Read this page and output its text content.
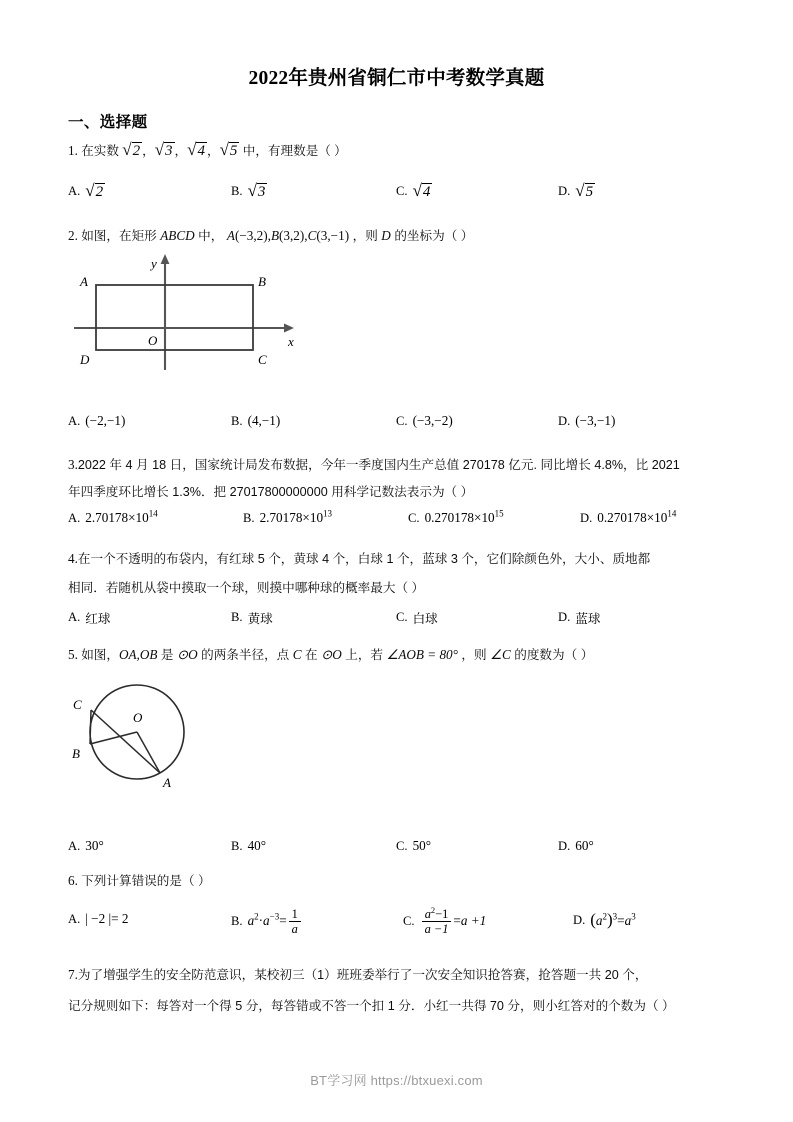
2022年贵州省铜仁市中考数学真题
一、选择题
1. 在实数 √ 2 ， √ 3 ， √ 4 ， √ 5 中，有理数是（ ）
A. √ 2	B. √ 3	C. √ 4	D. √ 5
2. 如图，在矩形 ABCD 中， A(−3,2),B(3,2),C(3,−1) ，则 D 的坐标为（ ）
A	B
C
D
O	x
y
A. (−2,−1)	B. (4,−1)	C. (−3,−2)	D. (−3,−1)
3.2022 年 4 月 18 日，国家统计局发布数据，今年一季度国内生产总值 270178 亿元. 同比增长 4.8%，比 2021
年四季度环比增长 1.3%．把 27017800000000 用科学记数法表示为（ ）
A. $2.70178\times 10^{14}$	B. $2.70178\times 10^{13}$	C. $0.270178\times 10^{15}$	D. $0.270178\times 10^{14}$
4.在一个不透明的布袋内，有红球 5 个，黄球 4 个，白球 1 个，蓝球 3 个，它们除颜色外，大小、质地都
相同．若随机从袋中摸取一个球，则摸中哪种球的概率最大（ ）
A. 红球	B. 黄球	C. 白球	D. 蓝球
5. 如图，OA,OB 是 ⊙O 的两条半径，点 C 在 ⊙O 上，若 ∠AOB = 80° ，则 ∠C 的度数为（ ）
C
B
A
O
A. 30°	B. 40°	C. 50°	D. 60°
6. 下列计算错误的是（ ）
A. | −2 |= 2	B. $a^2\cdot a^{-3}= \frac{1}{a}$	C. $\frac{a^2-1}{a -1} =a +1$	D. $(a^2)^3=a^3$
7.为了增强学生的安全防范意识，某校初三（1）班班委举行了一次安全知识抢答赛，抢答题一共 20 个，
记分规则如下：每答对一个得 5 分，每答错或不答一个扣 1 分．小红一共得 70 分，则小红答对的个数为（ ）
BT学习网 https://btxuexi.com
